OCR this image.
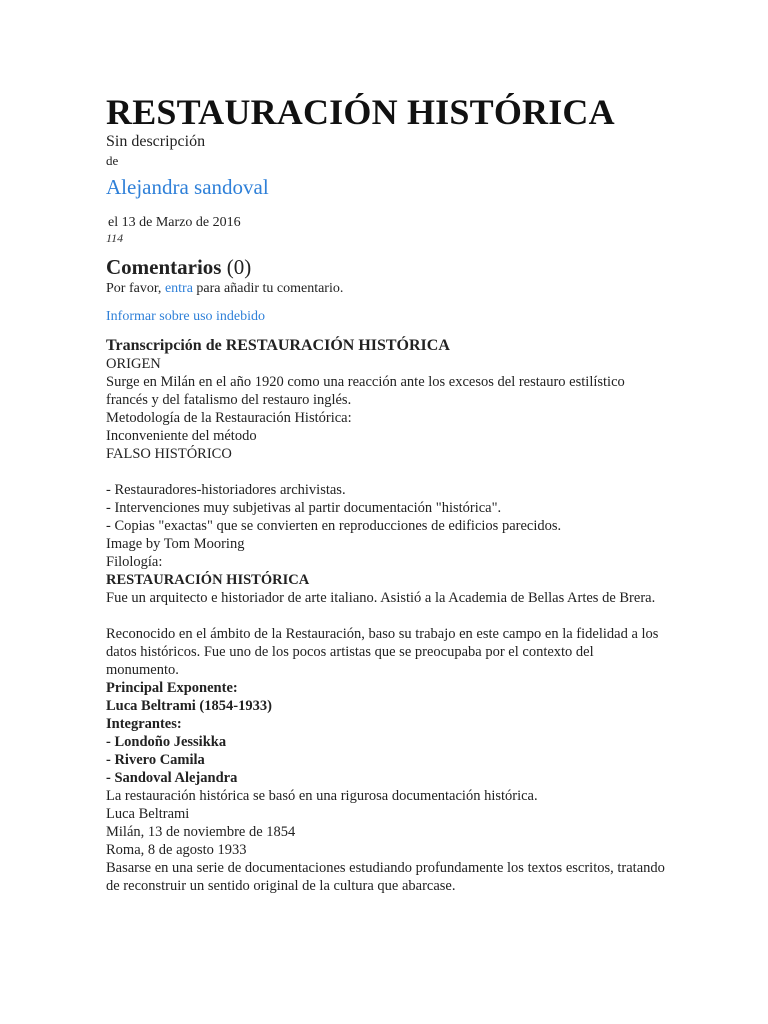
RESTAURACIÓN HISTÓRICA
Sin descripción
de
Alejandra sandoval
el 13 de Marzo de 2016
114
Comentarios (0)
Por favor, entra para añadir tu comentario.
Informar sobre uso indebido
Transcripción de RESTAURACIÓN HISTÓRICA
ORIGEN
Surge en Milán en el año 1920 como una reacción ante los excesos del restauro estilístico francés y del fatalismo del restauro inglés.
Metodología de la Restauración Histórica:
Inconveniente del método
FALSO HISTÓRICO
- Restauradores-historiadores archivistas.
- Intervenciones muy subjetivas al partir documentación "histórica".
- Copias "exactas" que se convierten en reproducciones de edificios parecidos.
Image by Tom Mooring
Filología:
RESTAURACIÓN HISTÓRICA
Fue un arquitecto e historiador de arte italiano. Asistió a la Academia de Bellas Artes de Brera.
Reconocido en el ámbito de la Restauración, baso su trabajo en este campo en la fidelidad a los datos históricos. Fue uno de los pocos artistas que se preocupaba por el contexto del monumento.
Principal Exponente:
Luca Beltrami (1854-1933)
Integrantes:
- Londoño Jessikka
- Rivero Camila
- Sandoval Alejandra
La restauración histórica se basó en una rigurosa documentación histórica.
Luca Beltrami
Milán, 13 de noviembre de 1854
Roma, 8 de agosto 1933
Basarse en una serie de documentaciones estudiando profundamente los textos escritos, tratando de reconstruir un sentido original de la cultura que abarcase.
